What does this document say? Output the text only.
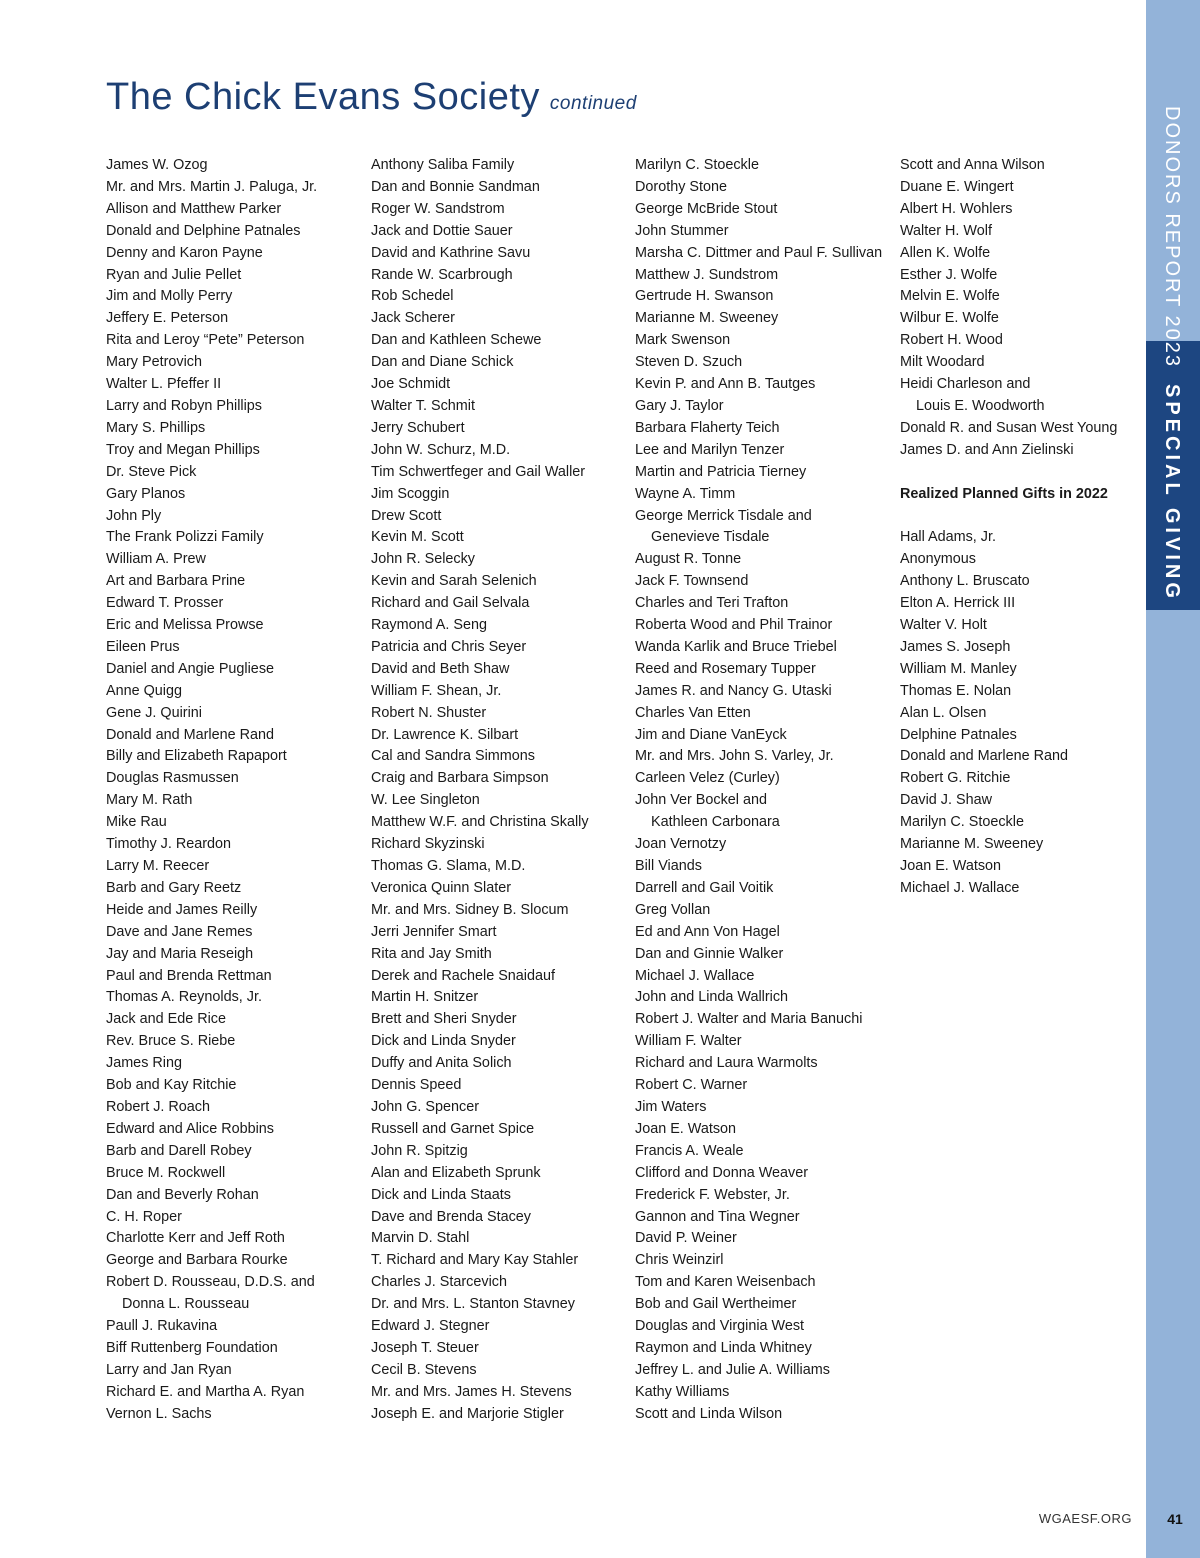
The Chick Evans Society continued
James W. Ozog
Mr. and Mrs. Martin J. Paluga, Jr.
Allison and Matthew Parker
Donald and Delphine Patnales
Denny and Karon Payne
Ryan and Julie Pellet
Jim and Molly Perry
Jeffery E. Peterson
Rita and Leroy “Pete” Peterson
Mary Petrovich
Walter L. Pfeffer II
Larry and Robyn Phillips
Mary S. Phillips
Troy and Megan Phillips
Dr. Steve Pick
Gary Planos
John Ply
The Frank Polizzi Family
William A. Prew
Art and Barbara Prine
Edward T. Prosser
Eric and Melissa Prowse
Eileen Prus
Daniel and Angie Pugliese
Anne Quigg
Gene J. Quirini
Donald and Marlene Rand
Billy and Elizabeth Rapaport
Douglas Rasmussen
Mary M. Rath
Mike Rau
Timothy J. Reardon
Larry M. Reecer
Barb and Gary Reetz
Heide and James Reilly
Dave and Jane Remes
Jay and Maria Reseigh
Paul and Brenda Rettman
Thomas A. Reynolds, Jr.
Jack and Ede Rice
Rev. Bruce S. Riebe
James Ring
Bob and Kay Ritchie
Robert J. Roach
Edward and Alice Robbins
Barb and Darell Robey
Bruce M. Rockwell
Dan and Beverly Rohan
C. H. Roper
Charlotte Kerr and Jeff Roth
George and Barbara Rourke
Robert D. Rousseau, D.D.S. and
Donna L. Rousseau
Paull J. Rukavina
Biff Ruttenberg Foundation
Larry and Jan Ryan
Richard E. and Martha A. Ryan
Vernon L. Sachs
Anthony Saliba Family
Dan and Bonnie Sandman
Roger W. Sandstrom
Jack and Dottie Sauer
David and Kathrine Savu
Rande W. Scarbrough
Rob Schedel
Jack Scherer
Dan and Kathleen Schewe
Dan and Diane Schick
Joe Schmidt
Walter T. Schmit
Jerry Schubert
John W. Schurz, M.D.
Tim Schwertfeger and Gail Waller
Jim Scoggin
Drew Scott
Kevin M. Scott
John R. Selecky
Kevin and Sarah Selenich
Richard and Gail Selvala
Raymond A. Seng
Patricia and Chris Seyer
David and Beth Shaw
William F. Shean, Jr.
Robert N. Shuster
Dr. Lawrence K. Silbart
Cal and Sandra Simmons
Craig and Barbara Simpson
W. Lee Singleton
Matthew W.F. and Christina Skally
Richard Skyzinski
Thomas G. Slama, M.D.
Veronica Quinn Slater
Mr. and Mrs. Sidney B. Slocum
Jerri Jennifer Smart
Rita and Jay Smith
Derek and Rachele Snaidauf
Martin H. Snitzer
Brett and Sheri Snyder
Dick and Linda Snyder
Duffy and Anita Solich
Dennis Speed
John G. Spencer
Russell and Garnet Spice
John R. Spitzig
Alan and Elizabeth Sprunk
Dick and Linda Staats
Dave and Brenda Stacey
Marvin D. Stahl
T. Richard and Mary Kay Stahler
Charles J. Starcevich
Dr. and Mrs. L. Stanton Stavney
Edward J. Stegner
Joseph T. Steuer
Cecil B. Stevens
Mr. and Mrs. James H. Stevens
Joseph E. and Marjorie Stigler
Marilyn C. Stoeckle
Dorothy Stone
George McBride Stout
John Stummer
Marsha C. Dittmer and Paul F. Sullivan
Matthew J. Sundstrom
Gertrude H. Swanson
Marianne M. Sweeney
Mark Swenson
Steven D. Szuch
Kevin P. and Ann B. Tautges
Gary J. Taylor
Barbara Flaherty Teich
Lee and Marilyn Tenzer
Martin and Patricia Tierney
Wayne A. Timm
George Merrick Tisdale and
Genevieve Tisdale
August R. Tonne
Jack F. Townsend
Charles and Teri Trafton
Roberta Wood and Phil Trainor
Wanda Karlik and Bruce Triebel
Reed and Rosemary Tupper
James R. and Nancy G. Utaski
Charles Van Etten
Jim and Diane VanEyck
Mr. and Mrs. John S. Varley, Jr.
Carleen Velez (Curley)
John Ver Bockel and
Kathleen Carbonara
Joan Vernotzy
Bill Viands
Darrell and Gail Voitik
Greg Vollan
Ed and Ann Von Hagel
Dan and Ginnie Walker
Michael J. Wallace
John and Linda Wallrich
Robert J. Walter and Maria Banuchi
William F. Walter
Richard and Laura Warmolts
Robert C. Warner
Jim Waters
Joan E. Watson
Francis A. Weale
Clifford and Donna Weaver
Frederick F. Webster, Jr.
Gannon and Tina Wegner
David P. Weiner
Chris Weinzirl
Tom and Karen Weisenbach
Bob and Gail Wertheimer
Douglas and Virginia West
Raymon and Linda Whitney
Jeffrey L. and Julie A. Williams
Kathy Williams
Scott and Linda Wilson
Scott and Anna Wilson
Duane E. Wingert
Albert H. Wohlers
Walter H. Wolf
Allen K. Wolfe
Esther J. Wolfe
Melvin E. Wolfe
Wilbur E. Wolfe
Robert H. Wood
Milt Woodard
Heidi Charleson and
Louis E. Woodworth
Donald R. and Susan West Young
James D. and Ann Zielinski
Realized Planned Gifts in 2022
Hall Adams, Jr.
Anonymous
Anthony L. Bruscato
Elton A. Herrick III
Walter V. Holt
James S. Joseph
William M. Manley
Thomas E. Nolan
Alan L. Olsen
Delphine Patnales
Donald and Marlene Rand
Robert G. Ritchie
David J. Shaw
Marilyn C. Stoeckle
Marianne M. Sweeney
Joan E. Watson
Michael J. Wallace
DONORS REPORT 2023
SPECIAL GIVING
WGAESF.ORG	41
